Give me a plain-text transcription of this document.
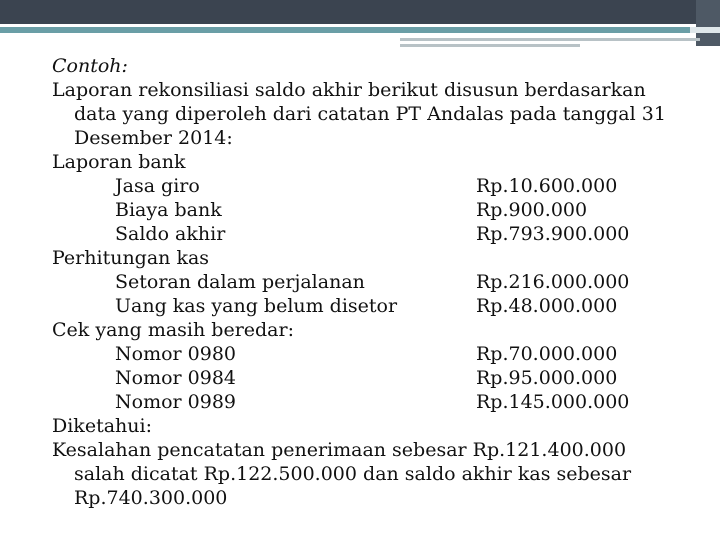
Contoh:
Laporan rekonsiliasi saldo akhir berikut disusun berdasarkan
data yang diperoleh dari catatan PT Andalas pada tanggal 31
Desember 2014:
Laporan bank
Jasa giro	Rp.10.600.000
Biaya bank	Rp.900.000
Saldo akhir	Rp.793.900.000
Perhitungan kas
Setoran dalam perjalanan	Rp.216.000.000
Uang kas yang belum disetor	Rp.48.000.000
Cek yang masih beredar:
Nomor 0980	Rp.70.000.000
Nomor 0984	Rp.95.000.000
Nomor 0989	Rp.145.000.000
Diketahui:
Kesalahan pencatatan penerimaan sebesar Rp.121.400.000
salah dicatat Rp.122.500.000 dan saldo akhir kas sebesar
Rp.740.300.000
